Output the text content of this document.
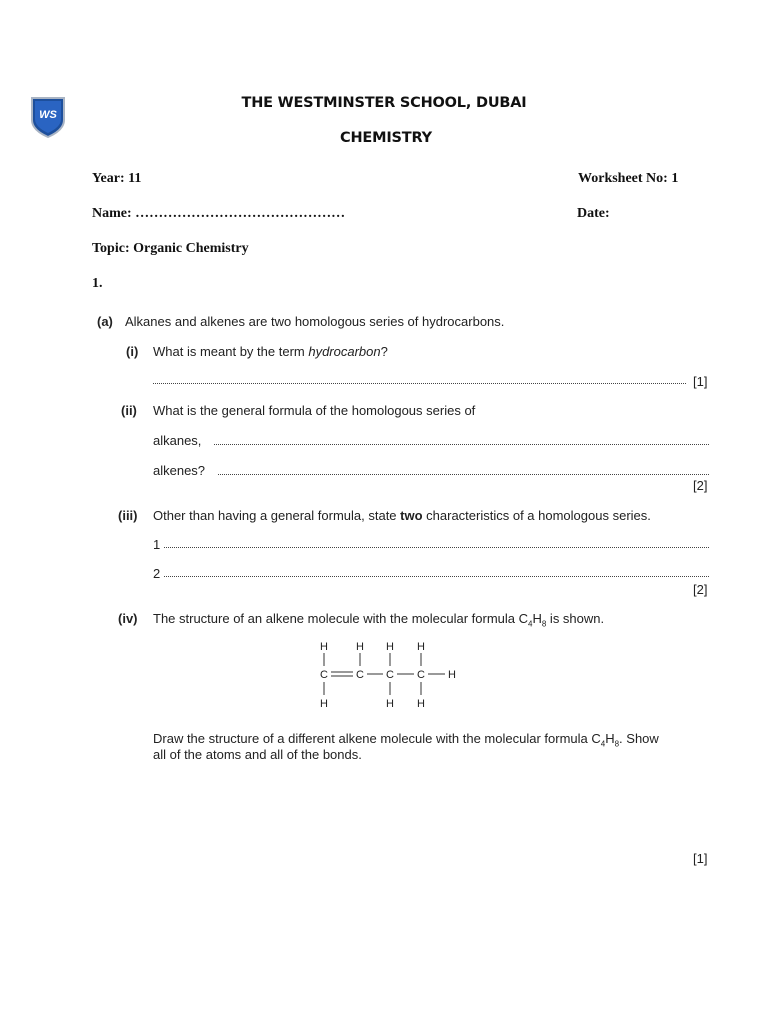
WS
THE WESTMINSTER SCHOOL, DUBAI
CHEMISTRY
Year: 11	Worksheet No: 1
Name: ………………………………………	Date:
Topic: Organic Chemistry
1.
(a) Alkanes and alkenes are two homologous series of hydrocarbons.
(i) What is meant by the term hydrocarbon?
[1]
(ii) What is the general formula of the homologous series of
alkanes,
alkenes?
[2]
(iii) Other than having a general formula, state two characteristics of a homologous series.
1
2
[2]
(iv) The structure of an alkene molecule with the molecular formula $C_4H_8$ is shown.
H	H H H
C	C C C H
H	H H
Draw the structure of a different alkene molecule with the molecular formula $C_4H_8$. Show
all of the atoms and all of the bonds.
[1]
